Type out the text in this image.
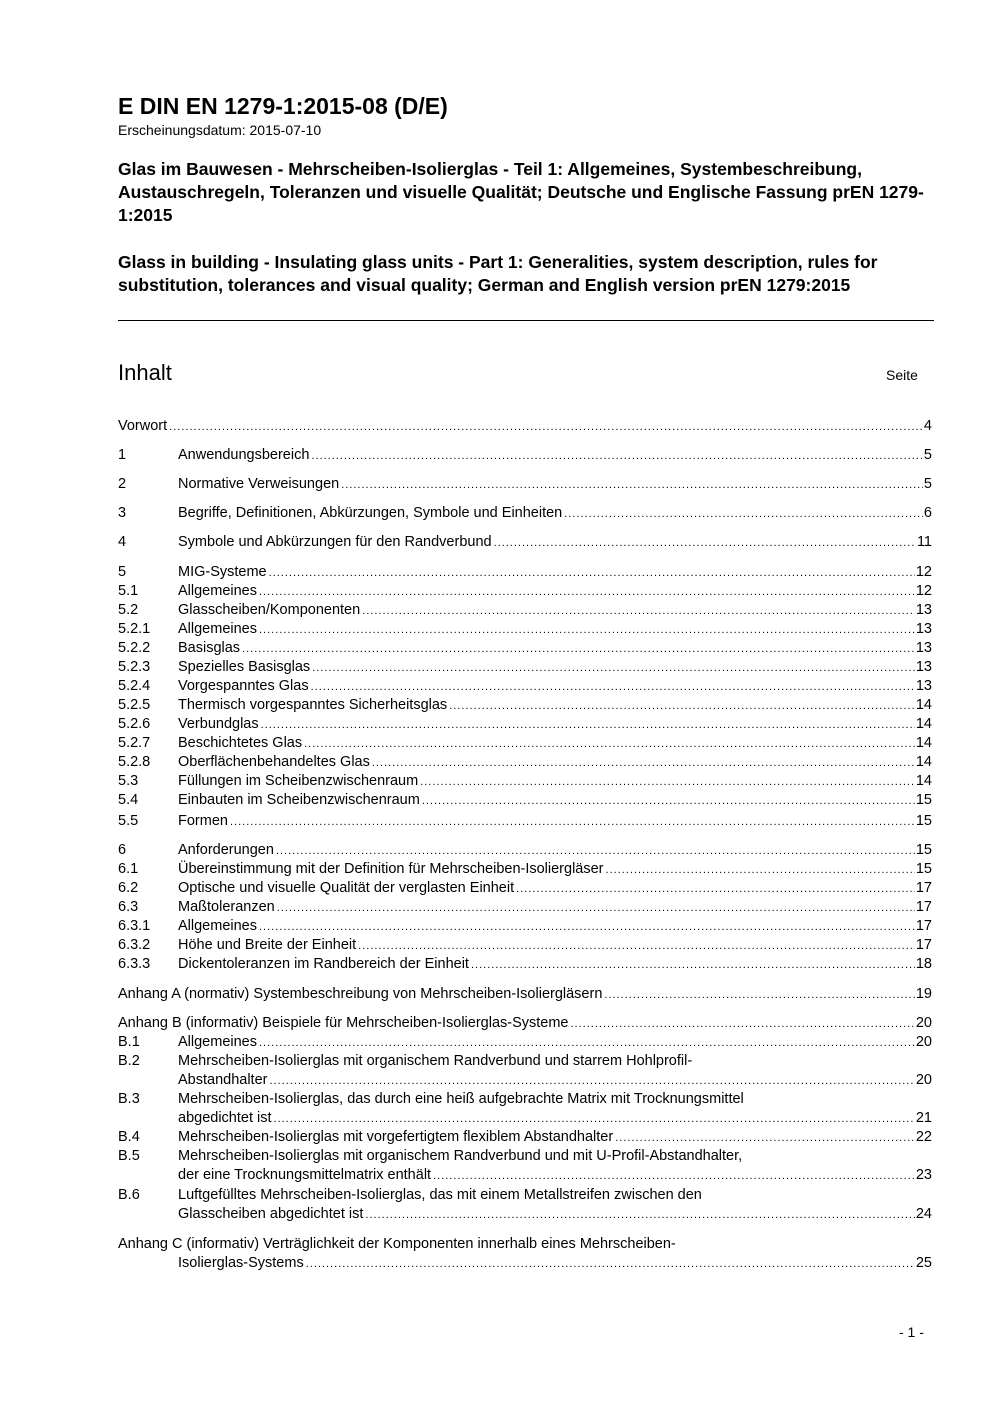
E DIN EN 1279-1:2015-08 (D/E)
Erscheinungsdatum: 2015-07-10
Glas im Bauwesen - Mehrscheiben-Isolierglas - Teil 1: Allgemeines, Systembeschreibung, Austauschregeln, Toleranzen und visuelle Qualität; Deutsche und Englische Fassung prEN 1279-1:2015
Glass in building - Insulating glass units - Part 1: Generalities, system description, rules for substitution, tolerances and visual quality; German and English version prEN 1279:2015
Inhalt	Seite
Vorwort .....	4
1	Anwendungsbereich .....	5
2	Normative Verweisungen .....	5
3	Begriffe, Definitionen, Abkürzungen, Symbole und Einheiten .....	6
4	Symbole und Abkürzungen für den Randverbund .....	11
5	MIG-Systeme .....	12
5.1	Allgemeines .....	12
5.2	Glasscheiben/Komponenten .....	13
5.2.1 Allgemeines .....	13
5.2.2 Basisglas .....	13
5.2.3 Spezielles Basisglas .....	13
5.2.4 Vorgespanntes Glas .....	13
5.2.5 Thermisch vorgespanntes Sicherheitsglas .....	14
5.2.6 Verbundglas .....	14
5.2.7 Beschichtetes Glas .....	14
5.2.8 Oberflächenbehandeltes Glas .....	14
5.3	Füllungen im Scheibenzwischenraum .....	14
5.4	Einbauten im Scheibenzwischenraum .....	15
5.5	Formen .....	15
6	Anforderungen .....	15
6.1	Übereinstimmung mit der Definition für Mehrscheiben-Isoliergläser .....	15
6.2	Optische und visuelle Qualität der verglasten Einheit .....	17
6.3	Maßtoleranzen .....	17
6.3.1 Allgemeines .....	17
6.3.2 Höhe und Breite der Einheit .....	17
6.3.3 Dickentoleranzen im Randbereich der Einheit .....	18
Anhang A (normativ) Systembeschreibung von Mehrscheiben-Isoliergläsern .....	19
Anhang B (informativ) Beispiele für Mehrscheiben-Isolierglas-Systeme .....	20
B.1	Allgemeines .....	20
B.2	Mehrscheiben-Isolierglas mit organischem Randverbund und starrem Hohlprofil-
Abstandhalter .....	20
B.3	Mehrscheiben-Isolierglas, das durch eine heiß aufgebrachte Matrix mit Trocknungsmittel
abgedichtet ist .....	21
B.4	Mehrscheiben-Isolierglas mit vorgefertigtem flexiblem Abstandhalter .....	22
B.5	Mehrscheiben-Isolierglas mit organischem Randverbund und mit U-Profil-Abstandhalter,
der eine Trocknungsmittelmatrix enthält .....	23
B.6	Luftgefülltes Mehrscheiben-Isolierglas, das mit einem Metallstreifen zwischen den
Glasscheiben abgedichtet ist .....	24
Anhang C (informativ) Verträglichkeit der Komponenten innerhalb eines Mehrscheiben-
Isolierglas-Systems .....	25
- 1 -
